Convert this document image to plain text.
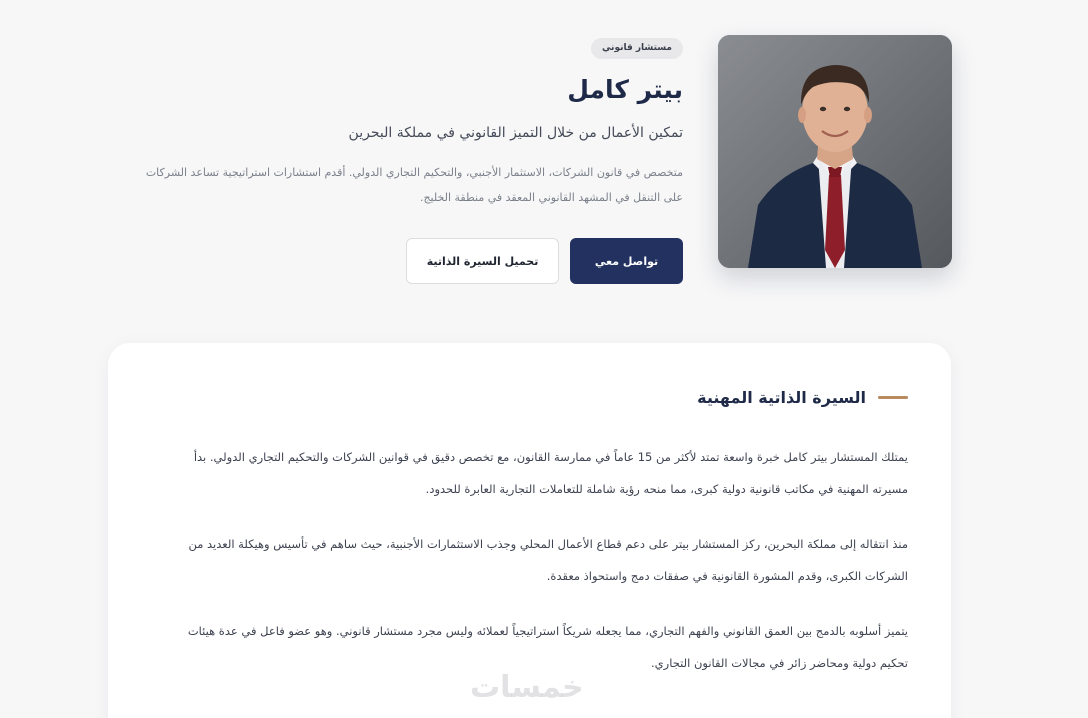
مستشار قانوني
بيتر كامل

تمكين الأعمال من خلال التميز القانوني في مملكة البحرين

متخصص في قانون الشركات، الاستثمار الأجنبي، والتحكيم التجاري الدولي. أقدم استشارات استراتيجية تساعد الشركات على التنقل في المشهد القانوني المعقد في منطقة الخليج.

تواصل معي
تحميل السيرة الذاتية
السيرة الذاتية المهنية

يمتلك المستشار بيتر كامل خبرة واسعة تمتد لأكثر من 15 عاماً في ممارسة القانون، مع تخصص دقيق في قوانين الشركات والتحكيم التجاري الدولي. بدأ مسيرته المهنية في مكاتب قانونية دولية كبرى، مما منحه رؤية شاملة للتعاملات التجارية العابرة للحدود.

منذ انتقاله إلى مملكة البحرين، ركز المستشار بيتر على دعم قطاع الأعمال المحلي وجذب الاستثمارات الأجنبية، حيث ساهم في تأسيس وهيكلة العديد من الشركات الكبرى، وقدم المشورة القانونية في صفقات دمج واستحواذ معقدة.

يتميز أسلوبه بالدمج بين العمق القانوني والفهم التجاري، مما يجعله شريكاً استراتيجياً لعملائه وليس مجرد مستشار قانوني. وهو عضو فاعل في عدة هيئات تحكيم دولية ومحاضر زائر في مجالات القانون التجاري.

خمسات
